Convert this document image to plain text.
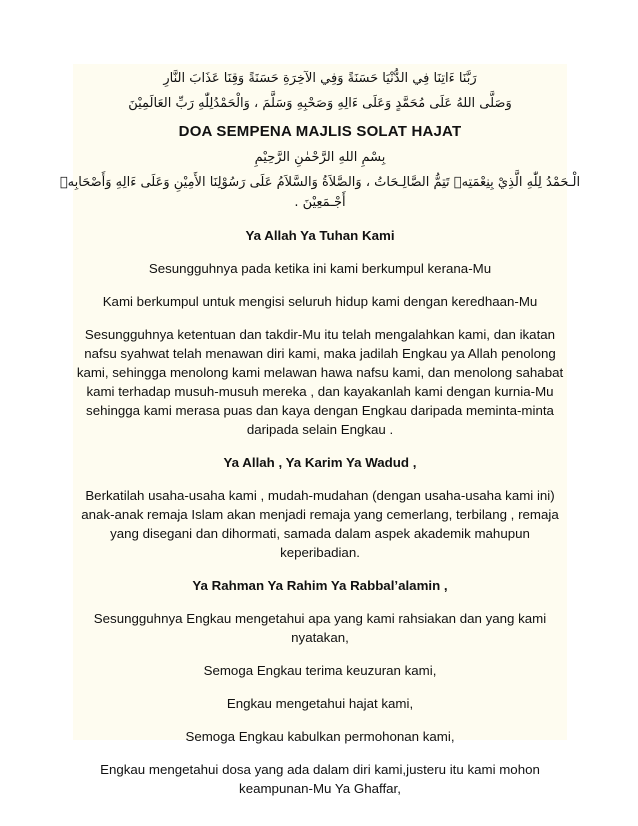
رَبَّنَا ءَاتِنَا فِي الدُّنْيَا حَسَنَةً وَفِي الآخِرَةِ حَسَنَةً وَقِنَا عَذَابَ النَّارِ
وَصَلَّى اللهُ عَلَى مُحَمَّدٍ وَعَلَى ءَالِهِ وَصَحْبِهِ وَسَلَّمَ ، وَالْحَمْدُلِلّٰهِ رَبِّ العَالَمِيْنَ
DOA SEMPENA MAJLIS SOLAT HAJAT
بِسْمِ اللهِ الرَّحْمٰنِ الرَّحِيْمِ
الْـحَمْدُ لِلّٰهِ الَّذِيْ بِنِعْمَتِهٖ تَتِمُّ الصَّالِـحَاتُ ، وَالصَّلاَةُ وَالسَّلاَمُ عَلَى رَسُوْلِنَا الأَمِيْنِ وَعَلَى ءَالِهِ وَأَصْحَابِهٖ أَجْـمَعِيْنَ .
Ya Allah Ya Tuhan Kami
Sesungguhnya pada ketika ini kami berkumpul kerana-Mu
Kami berkumpul untuk mengisi seluruh hidup kami dengan keredhaan-Mu
Sesungguhnya ketentuan dan takdir-Mu itu telah mengalahkan kami, dan ikatan nafsu syahwat telah menawan diri kami, maka jadilah Engkau ya Allah penolong kami, sehingga menolong kami melawan hawa nafsu kami, dan menolong sahabat kami terhadap musuh-musuh mereka , dan kayakanlah kami dengan kurnia-Mu sehingga kami merasa puas dan kaya dengan Engkau daripada meminta-minta daripada selain Engkau .
Ya Allah , Ya Karim Ya Wadud ,
Berkatilah usaha-usaha kami , mudah-mudahan (dengan usaha-usaha kami ini) anak-anak remaja Islam akan menjadi remaja yang cemerlang, terbilang , remaja yang disegani dan dihormati, samada dalam aspek akademik mahupun keperibadian.
Ya Rahman Ya Rahim Ya Rabbal’alamin ,
Sesungguhnya Engkau mengetahui apa yang kami rahsiakan dan yang kami nyatakan,
Semoga Engkau terima keuzuran kami,
Engkau mengetahui hajat kami,
Semoga Engkau kabulkan permohonan kami,
Engkau mengetahui dosa yang ada dalam diri kami,justeru itu kami mohon keampunan-Mu Ya Ghaffar,
